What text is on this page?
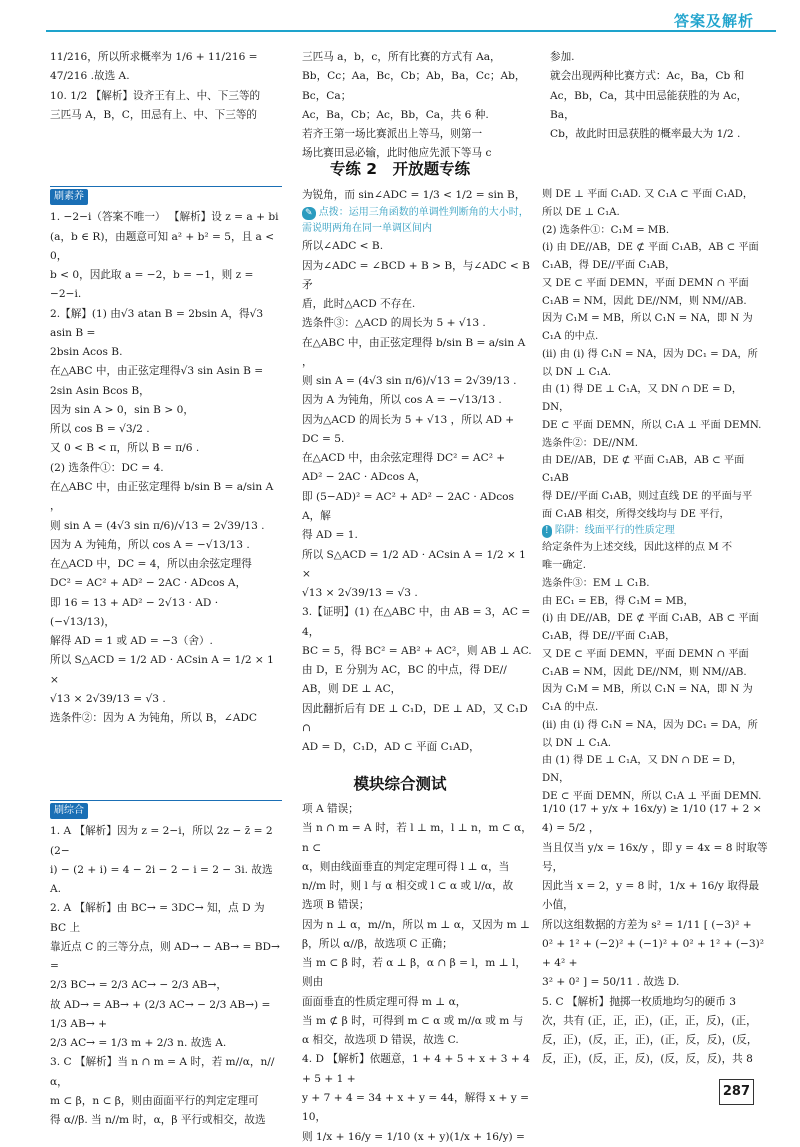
答案及解析

11/216，所以所求概率为 1/6 + 11/216 = 47/216 .故选 A.

10. 1/2 【解析】设齐王有上、中、下三等的

三匹马 A，B，C，田忌有上、中、下三等的

三匹马 a，b，c，所有比赛的方式有 Aa，

Bb，Cc；Aa，Bc，Cb；Ab，Ba，Cc；Ab，Bc，Ca；

Ac，Ba，Cb；Ac，Bb，Ca，共 6 种.

若齐王第一场比赛派出上等马，则第一

场比赛田忌必输，此时他应先派下等马 c

参加.

就会出现两种比赛方式：Ac，Ba，Cb 和

Ac，Bb，Ca，其中田忌能获胜的为 Ac，Ba，

Cb，故此时田忌获胜的概率最大为 1/2 .

专练 2　开放题专练
刷素养

1. −2−i（答案不唯一） 【解析】设 z = a + bi

(a，b ∈ R)，由题意可知 a² + b² = 5，且 a < 0，

b < 0，因此取 a = −2，b = −1，则 z = −2−i.

2.【解】(1) 由√3 atan B = 2bsin A，得√3 asin B =

2bsin Acos B.

在△ABC 中，由正弦定理得√3 sin Asin B =

2sin Asin Bcos B，

因为 sin A > 0，sin B > 0，

所以 cos B = √3/2 .

又 0 < B < π，所以 B = π/6 .

(2) 选条件①：DC = 4.

在△ABC 中，由正弦定理得 b/sin B = a/sin A ，

则 sin A = (4√3 sin π/6)/√13 = 2√39/13 .

因为 A 为钝角，所以 cos A = −√13/13 .

在△ACD 中，DC = 4，所以由余弦定理得

DC² = AC² + AD² − 2AC · ADcos A，

即 16 = 13 + AD² − 2√13 · AD · (−√13/13)，

解得 AD = 1 或 AD = −3（舍）.

所以 S△ACD = 1/2 AD · ACsin A = 1/2 × 1 ×

√13 × 2√39/13 = √3 .

选条件②：因为 A 为钝角，所以 B，∠ADC

为锐角，而 sin∠ADC = 1/3 < 1/2 = sin B，

✎ 点拨：运用三角函数的单调性判断角的大小时，需说明两角在同一单调区间内

所以∠ADC < B.

因为∠ADC = ∠BCD + B > B，与∠ADC < B 矛

盾，此时△ACD 不存在.

选条件③：△ACD 的周长为 5 + √13 .

在△ABC 中，由正弦定理得 b/sin B = a/sin A ，

则 sin A = (4√3 sin π/6)/√13 = 2√39/13 .

因为 A 为钝角，所以 cos A = −√13/13 .

因为△ACD 的周长为 5 + √13 ，所以 AD +

DC = 5.

在△ACD 中，由余弦定理得 DC² = AC² +

AD² − 2AC · ADcos A，

即 (5−AD)² = AC² + AD² − 2AC · ADcos A，解

得 AD = 1.

所以 S△ACD = 1/2 AD · ACsin A = 1/2 × 1 ×

√13 × 2√39/13 = √3 .

3.【证明】(1) 在△ABC 中，由 AB = 3，AC = 4，

BC = 5，得 BC² = AB² + AC²，则 AB ⊥ AC.

由 D，E 分别为 AC，BC 的中点，得 DE//

AB，则 DE ⊥ AC，

因此翻折后有 DE ⊥ C₁D，DE ⊥ AD，又 C₁D ∩

AD = D，C₁D，AD ⊂ 平面 C₁AD，

则 DE ⊥ 平面 C₁AD. 又 C₁A ⊂ 平面 C₁AD，

所以 DE ⊥ C₁A.

(2) 选条件①：C₁M = MB.

(i) 由 DE//AB，DE ⊄ 平面 C₁AB，AB ⊂ 平面

C₁AB，得 DE//平面 C₁AB，

又 DE ⊂ 平面 DEMN，平面 DEMN ∩ 平面

C₁AB = NM，因此 DE//NM，则 NM//AB.

因为 C₁M = MB，所以 C₁N = NA，即 N 为

C₁A 的中点.

(ii) 由 (i) 得 C₁N = NA，因为 DC₁ = DA，所

以 DN ⊥ C₁A.

由 (1) 得 DE ⊥ C₁A，又 DN ∩ DE = D，DN，

DE ⊂ 平面 DEMN，所以 C₁A ⊥ 平面 DEMN.

选条件②：DE//NM.

由 DE//AB，DE ⊄ 平面 C₁AB，AB ⊂ 平面 C₁AB

得 DE//平面 C₁AB，则过直线 DE 的平面与平

面 C₁AB 相交，所得交线均与 DE 平行，

! 陷阱：线面平行的性质定理

给定条件为上述交线，因此这样的点 M 不

唯一确定.

选条件③：EM ⊥ C₁B.

由 EC₁ = EB，得 C₁M = MB，

(i) 由 DE//AB，DE ⊄ 平面 C₁AB，AB ⊂ 平面

C₁AB，得 DE//平面 C₁AB，

又 DE ⊂ 平面 DEMN，平面 DEMN ∩ 平面

C₁AB = NM，因此 DE//NM，则 NM//AB.

因为 C₁M = MB，所以 C₁N = NA，即 N 为

C₁A 的中点.

(ii) 由 (i) 得 C₁N = NA，因为 DC₁ = DA，所

以 DN ⊥ C₁A.

由 (1) 得 DE ⊥ C₁A，又 DN ∩ DE = D，DN，

DE ⊂ 平面 DEMN，所以 C₁A ⊥ 平面 DEMN.

模块综合测试
刷综合

1. A 【解析】因为 z = 2−i，所以 2z − z̄ = 2 (2−

i) − (2 + i) = 4 − 2i − 2 − i = 2 − 3i. 故选 A.

2. A 【解析】由 BC→ = 3DC→ 知，点 D 为 BC 上

靠近点 C 的三等分点，则 AD→ − AB→ = BD→ =

2/3 BC→ = 2/3 AC→ − 2/3 AB→，

故 AD→ = AB→ + (2/3 AC→ − 2/3 AB→) = 1/3 AB→ +

2/3 AC→ = 1/3 m + 2/3 n. 故选 A.

3. C 【解析】当 n ∩ m = A 时，若 m//α，n//α，

m ⊂ β，n ⊂ β，则由面面平行的判定定理可

得 α//β. 当 n//m 时，α，β 平行或相交，故选

项 A 错误；

当 n ∩ m = A 时，若 l ⊥ m，l ⊥ n，m ⊂ α，n ⊂

α，则由线面垂直的判定定理可得 l ⊥ α，当

n//m 时，则 l 与 α 相交或 l ⊂ α 或 l//α，故

选项 B 错误；

因为 n ⊥ α，m//n，所以 m ⊥ α，又因为 m ⊥

β，所以 α//β，故选项 C 正确；

当 m ⊂ β 时，若 α ⊥ β，α ∩ β = l，m ⊥ l，则由

面面垂直的性质定理可得 m ⊥ α，

当 m ⊄ β 时，可得到 m ⊂ α 或 m//α 或 m 与

α 相交，故选项 D 错误，故选 C.

4. D 【解析】依题意，1 + 4 + 5 + x + 3 + 4 + 5 + 1 +

y + 7 + 4 = 34 + x + y = 44，解得 x + y = 10，

则 1/x + 16/y = 1/10 (x + y)(1/x + 16/y) =

1/10 (17 + y/x + 16x/y) ≥ 1/10 (17 + 2 × 4) = 5/2 ，

当且仅当 y/x = 16x/y ，即 y = 4x = 8 时取等号，

因此当 x = 2，y = 8 时，1/x + 16/y 取得最小值，

所以这组数据的方差为 s² = 1/11 [ (−3)² +

0² + 1² + (−2)² + (−1)² + 0² + 1² + (−3)² + 4² +

3² + 0² ] = 50/11 . 故选 D.

5. C 【解析】抛掷一枚质地均匀的硬币 3

次，共有 (正，正，正)，(正，正，反)，(正，

反，正)，(反，正，正)，(正，反，反)，(反，

反，正)，(反，正，反)，(反，反，反)，共 8

287
